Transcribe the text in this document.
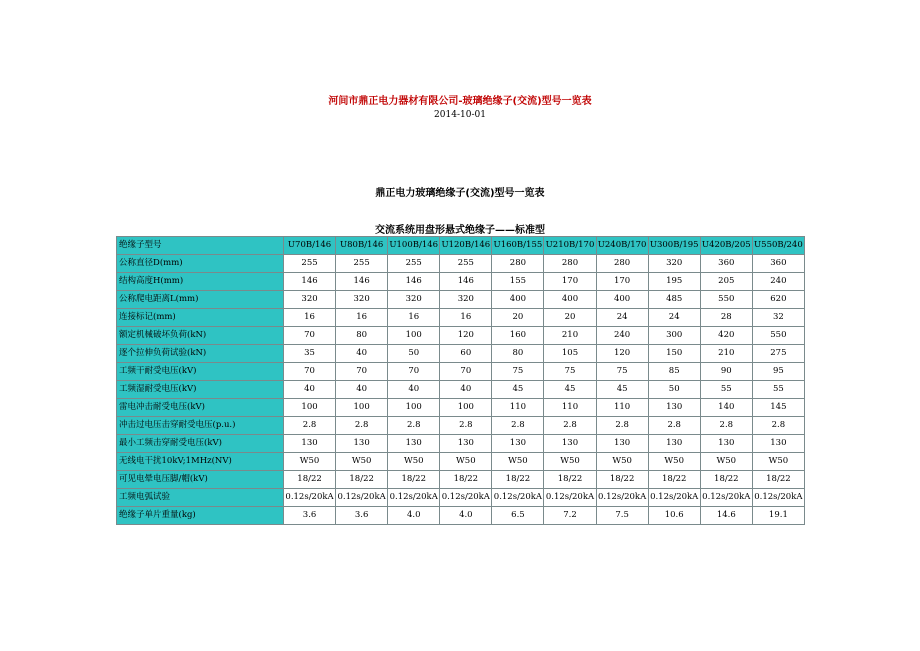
河间市鼎正电力器材有限公司-玻璃绝缘子(交流)型号一览表
2014-10-01
鼎正电力玻璃绝缘子(交流)型号一览表
交流系统用盘形悬式绝缘子——标准型
绝缘子型号	U70B/146	U80B/146	U100B/146	U120B/146	U160B/155	U210B/170	U240B/170	U300B/195	U420B/205	U550B/240
公称直径D(mm)	255	255	255	255	280	280	280	320	360	360
结构高度H(mm)	146	146	146	146	155	170	170	195	205	240
公称爬电距离L(mm)	320	320	320	320	400	400	400	485	550	620
连接标记(mm)	16	16	16	16	20	20	24	24	28	32
额定机械破坏负荷(kN)	70	80	100	120	160	210	240	300	420	550
逐个拉伸负荷试验(kN)	35	40	50	60	80	105	120	150	210	275
工频干耐受电压(kV)	70	70	70	70	75	75	75	85	90	95
工频湿耐受电压(kV)	40	40	40	40	45	45	45	50	55	55
雷电冲击耐受电压(kV)	100	100	100	100	110	110	110	130	140	145
冲击过电压击穿耐受电压(p.u.)	2.8	2.8	2.8	2.8	2.8	2.8	2.8	2.8	2.8	2.8
最小工频击穿耐受电压(kV)	130	130	130	130	130	130	130	130	130	130
无线电干扰10kV;1MHz(NV)	W50	W50	W50	W50	W50	W50	W50	W50	W50	W50
可见电晕电压脚/帽(kV)	18/22	18/22	18/22	18/22	18/22	18/22	18/22	18/22	18/22	18/22
工频电弧试验	0.12s/20kA	0.12s/20kA	0.12s/20kA	0.12s/20kA	0.12s/20kA	0.12s/20kA	0.12s/20kA	0.12s/20kA	0.12s/20kA	0.12s/20kA
绝缘子单片重量(kg)	3.6	3.6	4.0	4.0	6.5	7.2	7.5	10.6	14.6	19.1
